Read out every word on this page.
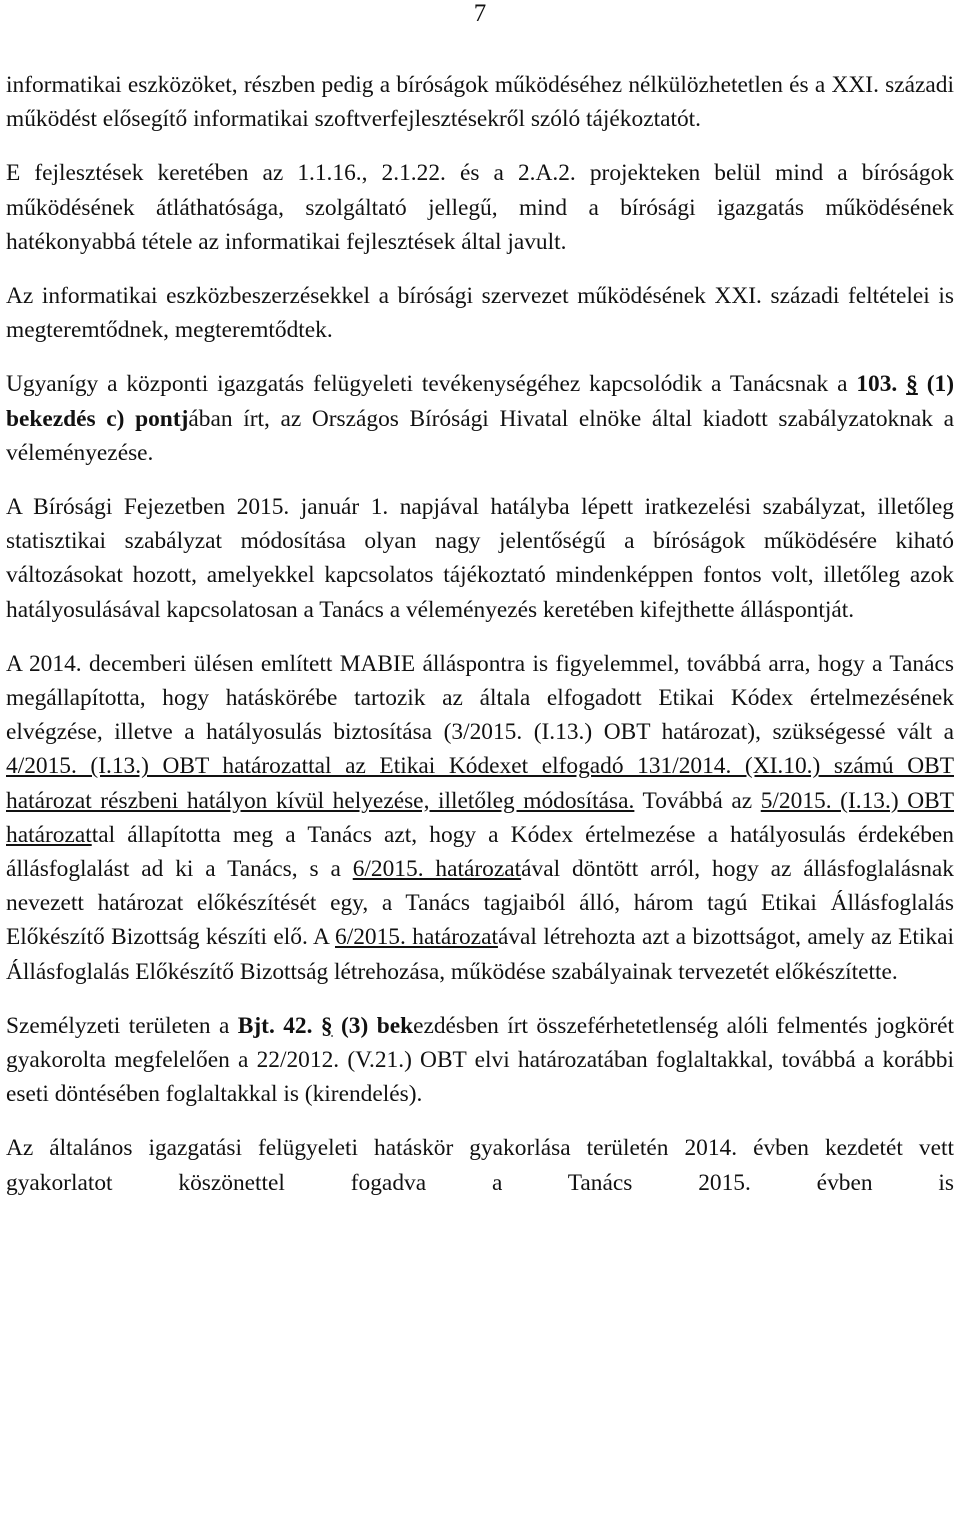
7

informatikai eszközöket, részben pedig a bíróságok működéséhez nélkülözhetetlen és a XXI. századi működést elősegítő informatikai szoftverfejlesztésekről szóló tájékoztatót.

E fejlesztések keretében az 1.1.16., 2.1.22. és a 2.A.2. projekteken belül mind a bíróságok működésének átláthatósága, szolgáltató jellegű, mind a bírósági igazgatás működésének hatékonyabbá tétele az informatikai fejlesztések által javult.

Az informatikai eszközbeszerzésekkel a bírósági szervezet működésének XXI. századi feltételei is megteremtődnek, megteremtődtek.

Ugyanígy a központi igazgatás felügyeleti tevékenységéhez kapcsolódik a Tanácsnak a 103. § (1) bekezdés c) pontjában írt, az Országos Bírósági Hivatal elnöke által kiadott szabályzatoknak a véleményezése.

A Bírósági Fejezetben 2015. január 1. napjával hatályba lépett iratkezelési szabályzat, illetőleg statisztikai szabályzat módosítása olyan nagy jelentőségű a bíróságok működésére kiható változásokat hozott, amelyekkel kapcsolatos tájékoztató mindenképpen fontos volt, illetőleg azok hatályosulásával kapcsolatosan a Tanács a véleményezés keretében kifejthette álláspontját.

A 2014. decemberi ülésen említett MABIE álláspontra is figyelemmel, továbbá arra, hogy a Tanács megállapította, hogy hatáskörébe tartozik az általa elfogadott Etikai Kódex értelmezésének elvégzése, illetve a hatályosulás biztosítása (3/2015. (I.13.) OBT határozat), szükségessé vált a 4/2015. (I.13.) OBT határozattal az Etikai Kódexet elfogadó 131/2014. (XI.10.) számú OBT határozat részbeni hatályon kívül helyezése, illetőleg módosítása. Továbbá az 5/2015. (I.13.) OBT határozattal állapította meg a Tanács azt, hogy a Kódex értelmezése a hatályosulás érdekében állásfoglalást ad ki a Tanács, s a 6/2015. határozatával döntött arról, hogy az állásfoglalásnak nevezett határozat előkészítését egy, a Tanács tagjaiból álló, három tagú Etikai Állásfoglalás Előkészítő Bizottság készíti elő. A 6/2015. határozatával létrehozta azt a bizottságot, amely az Etikai Állásfoglalás Előkészítő Bizottság létrehozása, működése szabályainak tervezetét előkészítette.

Személyzeti területen a Bjt. 42. § (3) bekezdésben írt összeférhetetlenség alóli felmentés jogkörét gyakorolta megfelelően a 22/2012. (V.21.) OBT elvi határozatában foglaltakkal, továbbá a korábbi eseti döntésében foglaltakkal is (kirendelés).

Az általános igazgatási felügyeleti hatáskör gyakorlása területén 2014. évben kezdetét vett gyakorlatot köszönettel fogadva a Tanács 2015. évben is
